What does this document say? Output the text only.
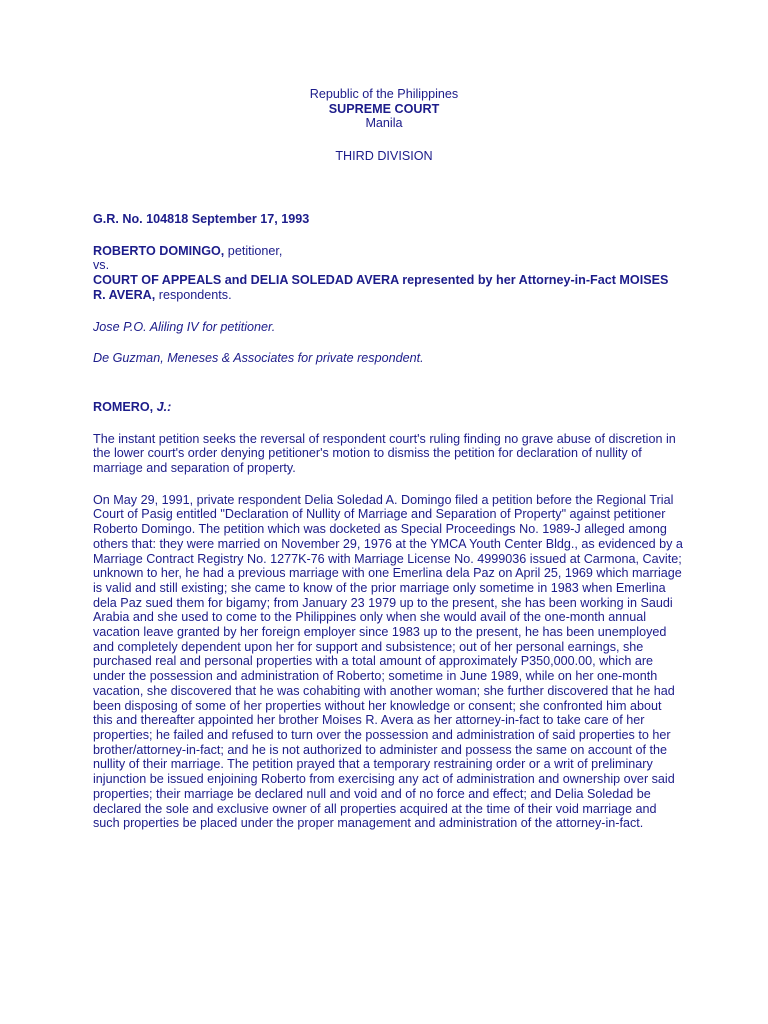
Republic of the Philippines
SUPREME COURT
Manila
THIRD DIVISION

G.R. No. 104818 September 17, 1993

ROBERTO DOMINGO, petitioner,
vs.
COURT OF APPEALS and DELIA SOLEDAD AVERA represented by her Attorney-in-Fact MOISES R. AVERA, respondents.

Jose P.O. Aliling IV for petitioner.

De Guzman, Meneses & Associates for private respondent.

ROMERO, J.:

The instant petition seeks the reversal of respondent court's ruling finding no grave abuse of discretion in the lower court's order denying petitioner's motion to dismiss the petition for declaration of nullity of marriage and separation of property.

On May 29, 1991, private respondent Delia Soledad A. Domingo filed a petition before the Regional Trial Court of Pasig entitled "Declaration of Nullity of Marriage and Separation of Property" against petitioner Roberto Domingo. The petition which was docketed as Special Proceedings No. 1989-J alleged among others that: they were married on November 29, 1976 at the YMCA Youth Center Bldg., as evidenced by a Marriage Contract Registry No. 1277K-76 with Marriage License No. 4999036 issued at Carmona, Cavite; unknown to her, he had a previous marriage with one Emerlina dela Paz on April 25, 1969 which marriage is valid and still existing; she came to know of the prior marriage only sometime in 1983 when Emerlina dela Paz sued them for bigamy; from January 23 1979 up to the present, she has been working in Saudi Arabia and she used to come to the Philippines only when she would avail of the one-month annual vacation leave granted by her foreign employer since 1983 up to the present, he has been unemployed and completely dependent upon her for support and subsistence; out of her personal earnings, she purchased real and personal properties with a total amount of approximately P350,000.00, which are under the possession and administration of Roberto; sometime in June 1989, while on her one-month vacation, she discovered that he was cohabiting with another woman; she further discovered that he had been disposing of some of her properties without her knowledge or consent; she confronted him about this and thereafter appointed her brother Moises R. Avera as her attorney-in-fact to take care of her properties; he failed and refused to turn over the possession and administration of said properties to her brother/attorney-in-fact; and he is not authorized to administer and possess the same on account of the nullity of their marriage. The petition prayed that a temporary restraining order or a writ of preliminary injunction be issued enjoining Roberto from exercising any act of administration and ownership over said properties; their marriage be declared null and void and of no force and effect; and Delia Soledad be declared the sole and exclusive owner of all properties acquired at the time of their void marriage and such properties be placed under the proper management and administration of the attorney-in-fact.
